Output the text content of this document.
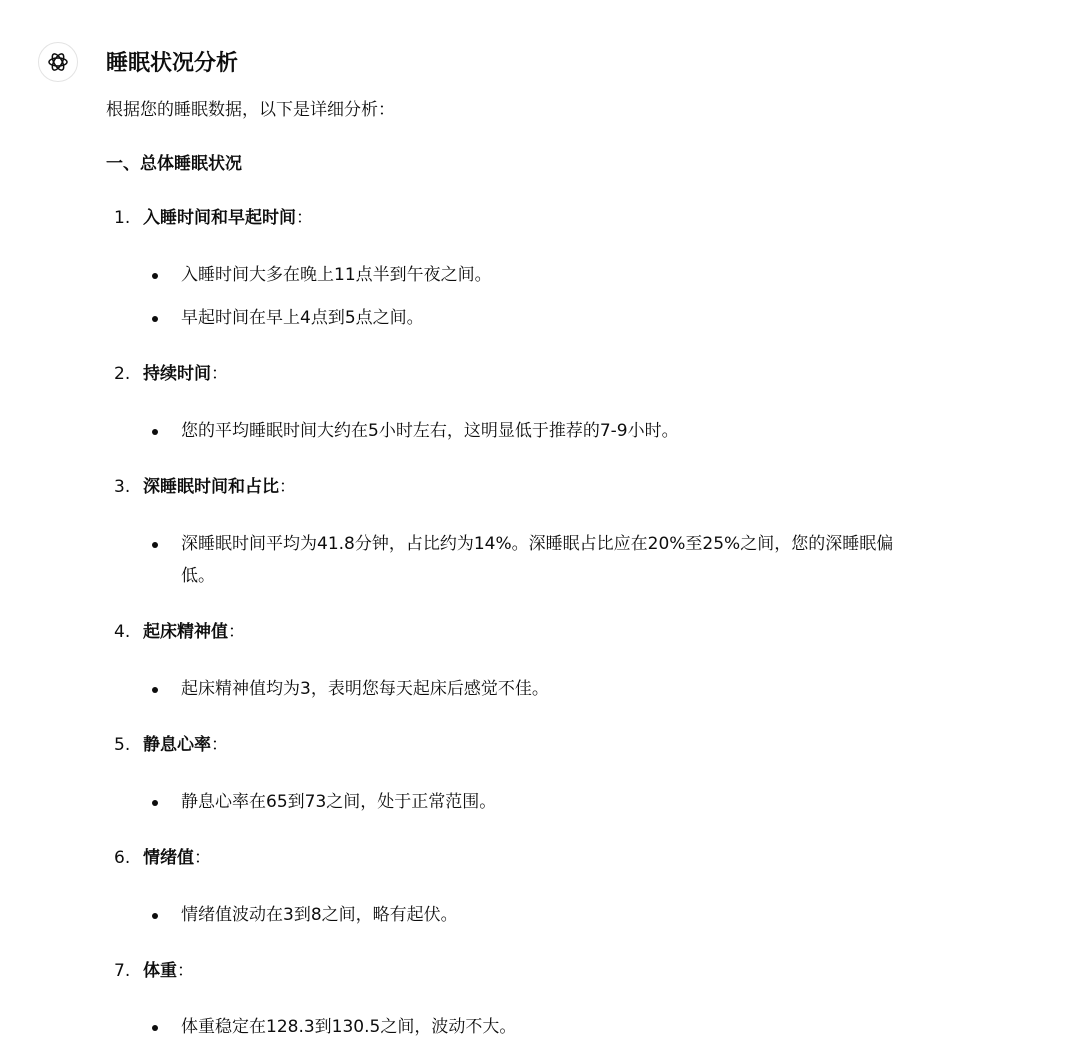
睡眠状况分析
根据您的睡眠数据，以下是详细分析：
一、总体睡眠状况
1. 入睡时间和早起时间：
入睡时间大多在晚上11点半到午夜之间。
早起时间在早上4点到5点之间。
2. 持续时间：
您的平均睡眠时间大约在5小时左右，这明显低于推荐的7-9小时。
3. 深睡眠时间和占比：
深睡眠时间平均为41.8分钟，占比约为14%。深睡眠占比应在20%至25%之间，您的深睡眠偏低。
4. 起床精神值：
起床精神值均为3，表明您每天起床后感觉不佳。
5. 静息心率：
静息心率在65到73之间，处于正常范围。
6. 情绪值：
情绪值波动在3到8之间，略有起伏。
7. 体重：
体重稳定在128.3到130.5之间，波动不大。
